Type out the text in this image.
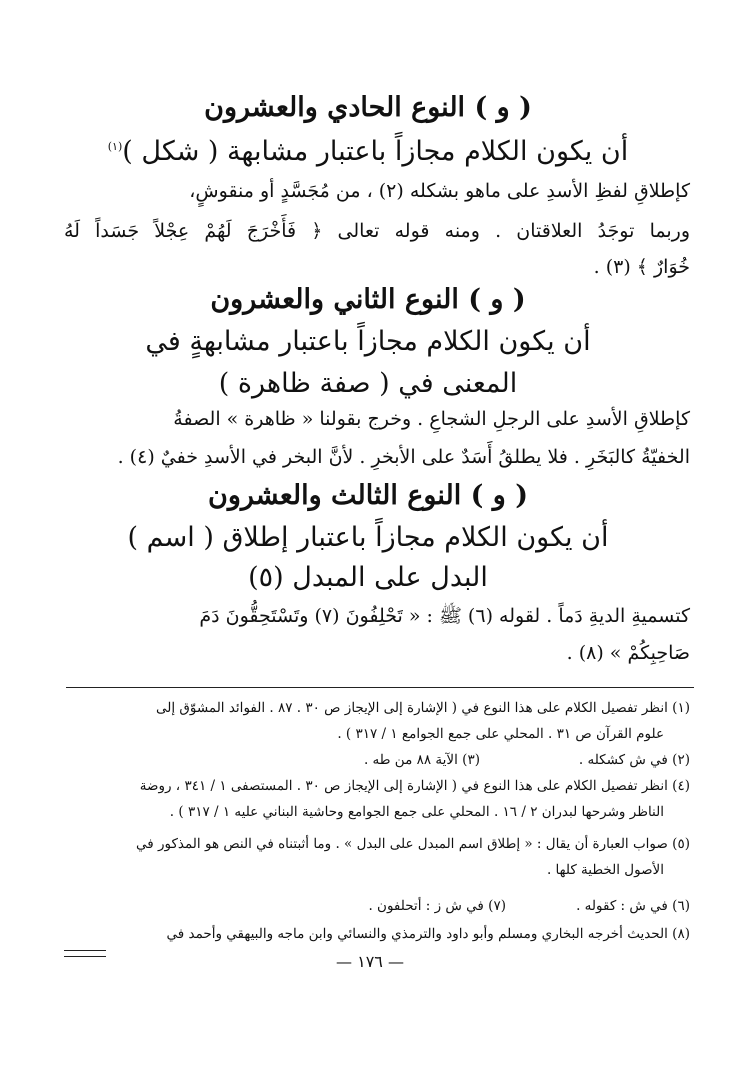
( و ) النوع الحادي والعشرون
أن يكون الكلام مجازاً باعتبار مشابهة ( شكل )$^{(١)}$
كإطلاقِ لفظِ الأسدِ على ماهو بشكله (٢) ، من مُجَسَّدٍ أو منقوشٍ،
وربما توجَدُ العلاقتان . ومنه قوله تعالى ﴿ فَأَخْرَجَ لَهُمْ عِجْلاً جَسَداً لَهُ
خُوَارٌ ﴾ (٣) .
( و ) النوع الثاني والعشرون
أن يكون الكلام مجازاً باعتبار مشابهةٍ في
المعنى في ( صفة ظاهرة )
كإطلاقِ الأسدِ على الرجلِ الشجاعِ . وخرج بقولنا « ظاهرة » الصفةُ
الخفيّةُ كالبَخَرِ . فلا يطلقُ أَسَدٌ على الأبخرِ . لأنَّ البخر في الأسدِ خفيٌ (٤) .
( و ) النوع الثالث والعشرون
أن يكون الكلام مجازاً باعتبار إطلاق ( اسم )
البدل على المبدل (٥)
كتسميةِ الديةِ دَماً . لقوله (٦) ﷺ : « تَحْلِفُونَ (٧) وتَسْتَحِقُّونَ دَمَ
صَاحِبِكُمْ » (٨) .
(١) انظر تفصيل الكلام على هذا النوع في ( الإشارة إلى الإيجاز ص ٣٠ . ٨٧ . الفوائد المشوّق إلى
علوم القرآن ص ٣١ . المحلي على جمع الجوامع ١ / ٣١٧ ) .
(٢) في ش كشكله .
(٣) الآية ٨٨ من طه .
(٤) انظر تفصيل الكلام على هذا النوع في ( الإشارة إلى الإيجاز ص ٣٠ . المستصفى ١ / ٣٤١ ، روضة
الناظر وشرحها لبدران ٢ / ١٦ . المحلي على جمع الجوامع وحاشية البناني عليه ١ / ٣١٧ ) .
(٥) صواب العبارة أن يقال : « إطلاق اسم المبدل على البدل » . وما أثبتناه في النص هو المذكور في
الأصول الخطية كلها .
(٦) في ش : كقوله .
(٧) في ش ز : أتحلفون .
(٨) الحديث أخرجه البخاري ومسلم وأبو داود والترمذي والنسائي وابن ماجه والبيهقي وأحمد في
— ١٧٦ —
